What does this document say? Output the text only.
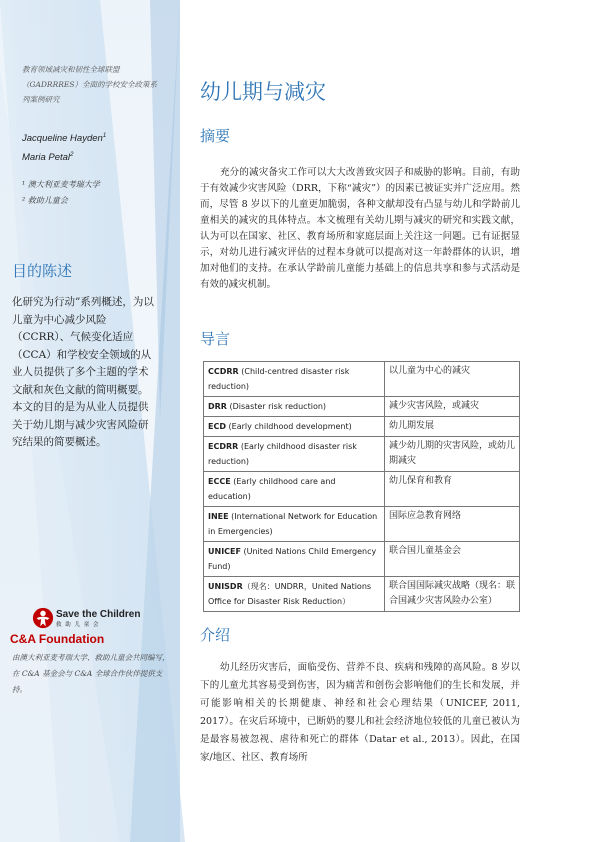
教育领域减灾和韧性全球联盟（GADRRRES）全面的学校安全政策系列案例研究
Jacqueline Hayden$^1$
Maria Petal$^2$
¹ 澳大利亚麦考瑞大学
² 救助儿童会
目的陈述
化研究为行动”系列概述，为以儿童为中心减少风险（CCRR）、气候变化适应（CCA）和学校安全领域的从业人员提供了多个主题的学术文献和灰色文献的简明概要。本文的目的是为从业人员提供关于幼儿期与减少灾害风险研究结果的简要概述。
Save the Children
救 助 儿 童 会
C&A Foundation
由澳大利亚麦考瑞大学、救助儿童会共同编写，在 C&A 基金会与 C&A 全球合作伙伴提供支持。
幼儿期与减灾
摘要
充分的减灾备灾工作可以大大改善致灾因子和威胁的影响。目前，有助于有效减少灾害风险（DRR，下称“减灾”）的因素已被证实并广泛应用。然而，尽管 8 岁以下的儿童更加脆弱，各种文献却没有凸显与幼儿和学龄前儿童相关的减灾的具体特点。本文梳理有关幼儿期与减灾的研究和实践文献，认为可以在国家、社区、教育场所和家庭层面上关注这一问题。已有证据显示，对幼儿进行减灾评估的过程本身就可以提高对这一年龄群体的认识，增加对他们的支持。在承认学龄前儿童能力基础上的信息共享和参与式活动是有效的减灾机制。
导言
CCDRR (Child-centred disaster risk reduction)	以儿童为中心的减灾
DRR (Disaster risk reduction)	减少灾害风险，或减灾
ECD (Early childhood development)	幼儿期发展
ECDRR (Early childhood disaster risk reduction)	减少幼儿期的灾害风险，或幼儿期减灾
ECCE (Early childhood care and education)	幼儿保育和教育
INEE (International Network for Education in Emergencies)	国际应急教育网络
UNICEF (United Nations Child Emergency Fund)	联合国儿童基金会
UNISDR（现名：UNDRR，United Nations Office for Disaster Risk Reduction）	联合国国际减灾战略（现名：联合国减少灾害风险办公室）
介绍
幼儿经历灾害后，面临受伤、营养不良、疾病和残障的高风险。8 岁以下的儿童尤其容易受到伤害，因为痛苦和创伤会影响他们的生长和发展，并可能影响相关的长期健康、神经和社会心理结果（UNICEF, 2011, 2017）。在灾后环境中，已断奶的婴儿和社会经济地位较低的儿童已被认为是最容易被忽视、虐待和死亡的群体（Datar et al., 2013）。因此，在国家/地区、社区、教育场所
